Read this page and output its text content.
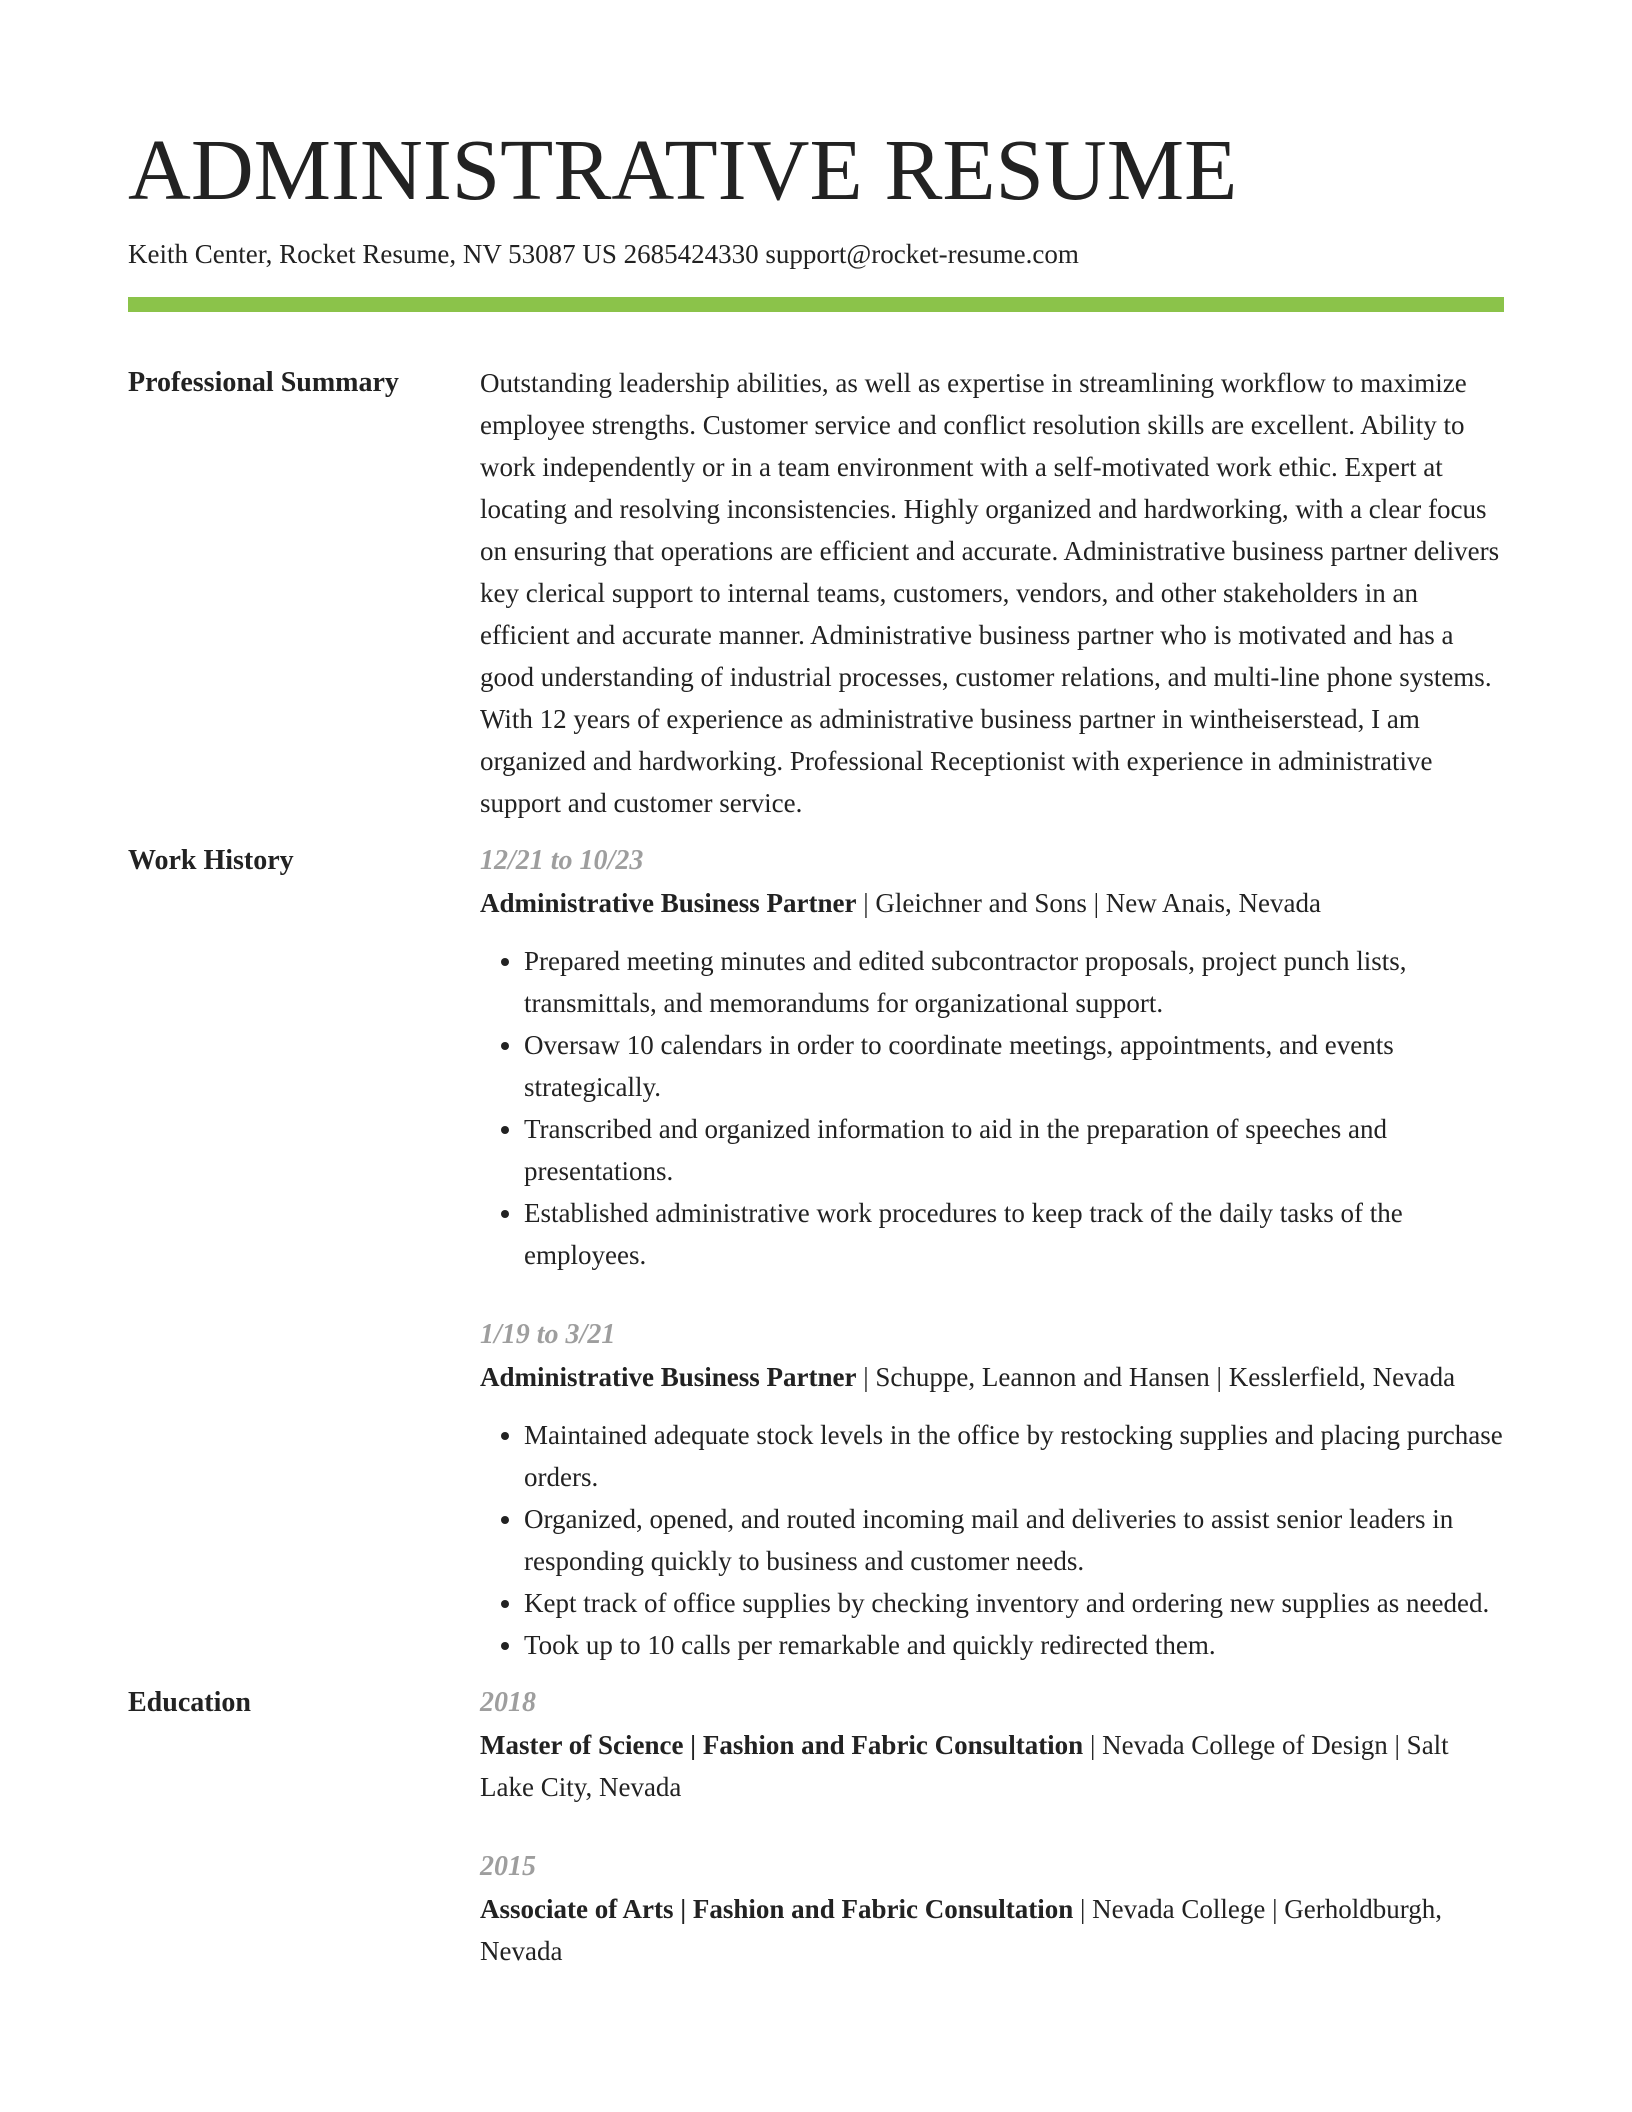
ADMINISTRATIVE RESUME
Keith Center, Rocket Resume, NV 53087 US 2685424330 support@rocket-resume.com
Professional Summary	Outstanding leadership abilities, as well as expertise in streamlining workflow to maximize employee strengths. Customer service and conflict resolution skills are excellent. Ability to work independently or in a team environment with a self-motivated work ethic. Expert at locating and resolving inconsistencies. Highly organized and hardworking, with a clear focus on ensuring that operations are efficient and accurate. Administrative business partner delivers key clerical support to internal teams, customers, vendors, and other stakeholders in an efficient and accurate manner. Administrative business partner who is motivated and has a good understanding of industrial processes, customer relations, and multi-line phone systems. With 12 years of experience as administrative business partner in wintheiserstead, I am organized and hardworking. Professional Receptionist with experience in administrative support and customer service.
Work History	12/21 to 10/23
Administrative Business Partner | Gleichner and Sons | New Anais, Nevada
• Prepared meeting minutes and edited subcontractor proposals, project punch lists, transmittals, and memorandums for organizational support.
• Oversaw 10 calendars in order to coordinate meetings, appointments, and events strategically.
• Transcribed and organized information to aid in the preparation of speeches and presentations.
• Established administrative work procedures to keep track of the daily tasks of the employees.
1/19 to 3/21
Administrative Business Partner | Schuppe, Leannon and Hansen | Kesslerfield, Nevada
• Maintained adequate stock levels in the office by restocking supplies and placing purchase orders.
• Organized, opened, and routed incoming mail and deliveries to assist senior leaders in responding quickly to business and customer needs.
• Kept track of office supplies by checking inventory and ordering new supplies as needed.
• Took up to 10 calls per remarkable and quickly redirected them.
Education	2018
Master of Science | Fashion and Fabric Consultation | Nevada College of Design | Salt Lake City, Nevada
2015
Associate of Arts | Fashion and Fabric Consultation | Nevada College | Gerholdburgh, Nevada
